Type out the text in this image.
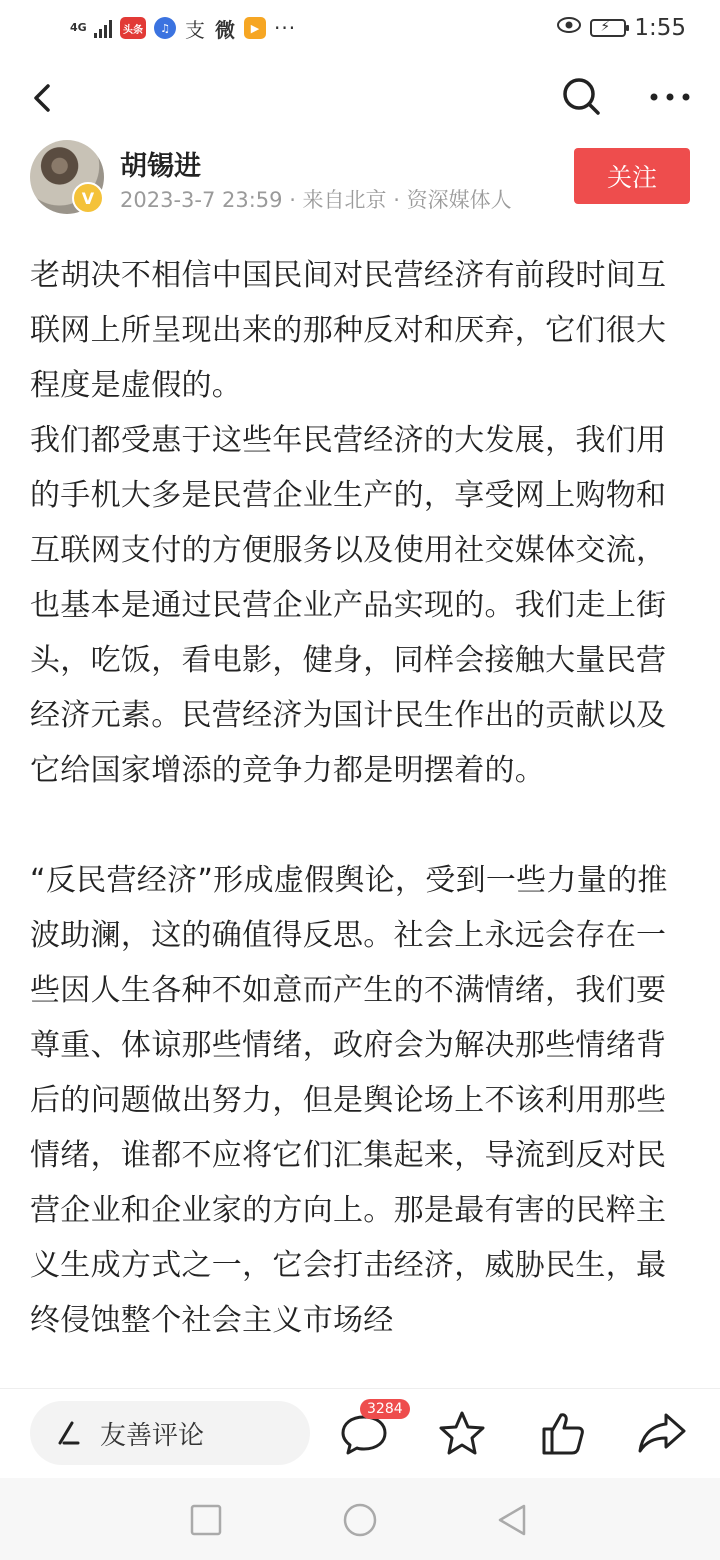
4G	头条	♫ 支 微	▶ ···	⚡ 1:55
V
胡锡进
2023-3-7 23:59 · 来自北京 · 资深媒体人
关注

老胡决不相信中国民间对民营经济有前段时间互联网上所呈现出来的那种反对和厌弃，它们很大程度是虚假的。

我们都受惠于这些年民营经济的大发展，我们用的手机大多是民营企业生产的，享受网上购物和互联网支付的方便服务以及使用社交媒体交流，也基本是通过民营企业产品实现的。我们走上街头，吃饭，看电影，健身，同样会接触大量民营经济元素。民营经济为国计民生作出的贡献以及它给国家增添的竞争力都是明摆着的。

“反民营经济”形成虚假舆论，受到一些力量的推波助澜，这的确值得反思。社会上永远会存在一些因人生各种不如意而产生的不满情绪，我们要尊重、体谅那些情绪，政府会为解决那些情绪背后的问题做出努力，但是舆论场上不该利用那些情绪，谁都不应将它们汇集起来，导流到反对民营企业和企业家的方向上。那是最有害的民粹主义生成方式之一，它会打击经济，威胁民生，最终侵蚀整个社会主义市场经

友善评论
3284
